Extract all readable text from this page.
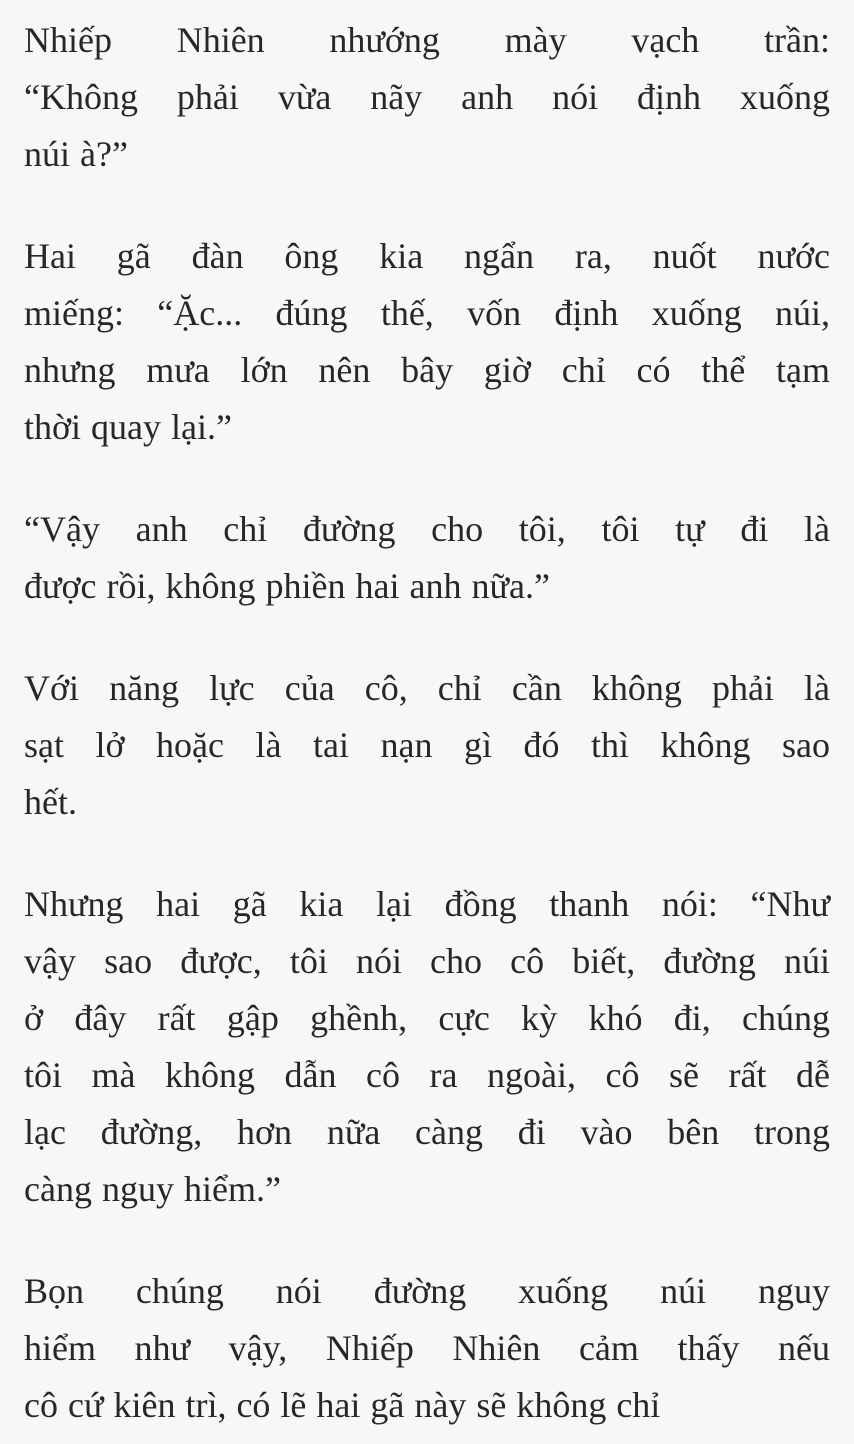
Nhiếp Nhiên nhướng mày vạch trần:
“Không phải vừa nãy anh nói định xuống
núi à?”

Hai gã đàn ông kia ngẩn ra, nuốt nước
miếng: “Ặc... đúng thế, vốn định xuống núi,
nhưng mưa lớn nên bây giờ chỉ có thể tạm
thời quay lại.”

“Vậy anh chỉ đường cho tôi, tôi tự đi là
được rồi, không phiền hai anh nữa.”

Với năng lực của cô, chỉ cần không phải là
sạt lở hoặc là tai nạn gì đó thì không sao
hết.

Nhưng hai gã kia lại đồng thanh nói: “Như
vậy sao được, tôi nói cho cô biết, đường núi
ở đây rất gập ghềnh, cực kỳ khó đi, chúng
tôi mà không dẫn cô ra ngoài, cô sẽ rất dễ
lạc đường, hơn nữa càng đi vào bên trong
càng nguy hiểm.”

Bọn chúng nói đường xuống núi nguy
hiểm như vậy, Nhiếp Nhiên cảm thấy nếu
cô cứ kiên trì, có lẽ hai gã này sẽ không chỉ
